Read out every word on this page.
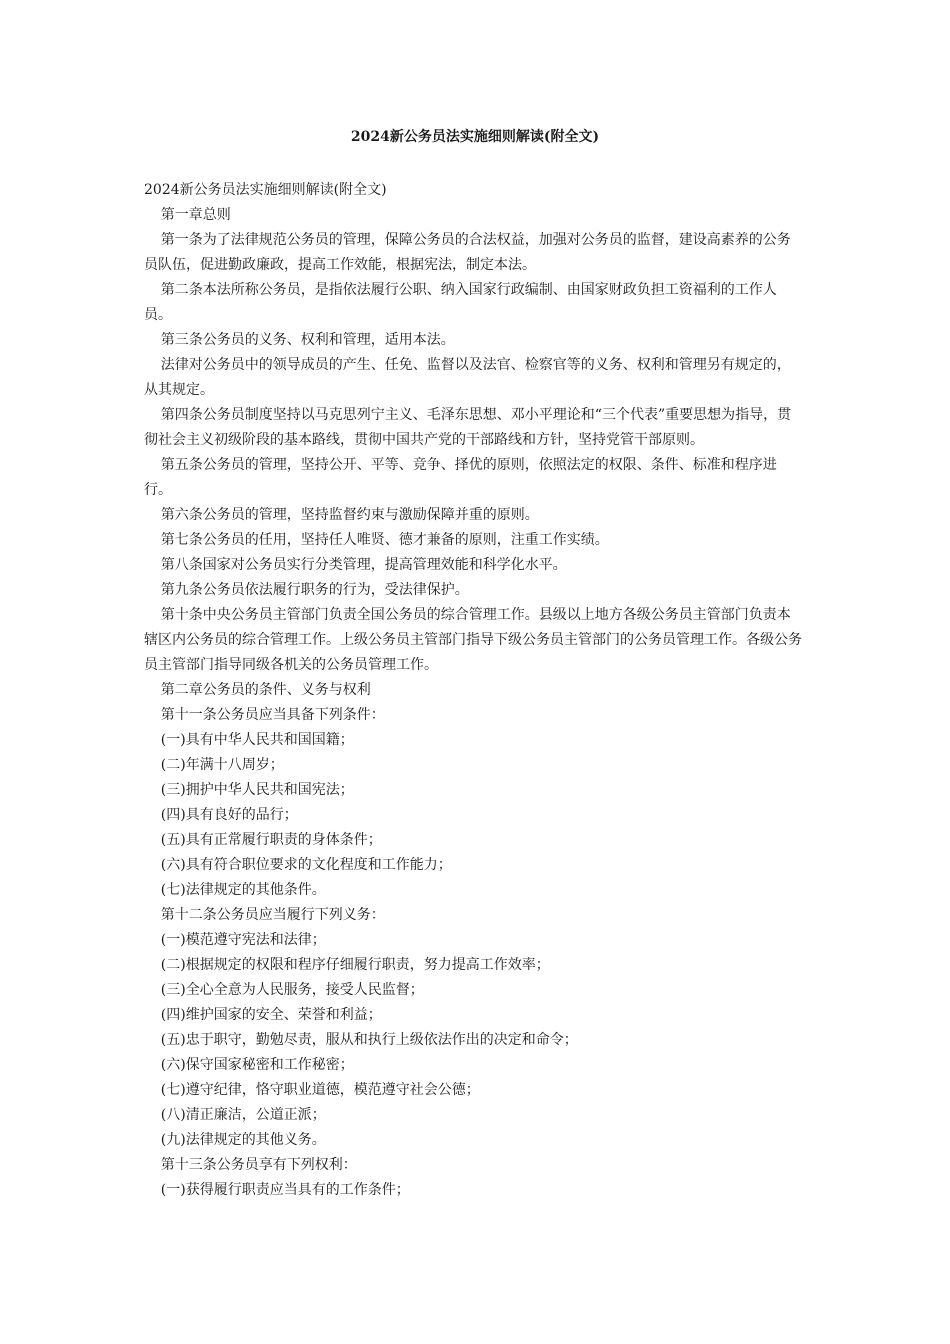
2024新公务员法实施细则解读(附全文)

2024新公务员法实施细则解读(附全文)

第一章总则

第一条为了法律规范公务员的管理，保障公务员的合法权益，加强对公务员的监督，建设高素养的公务员队伍，促进勤政廉政，提高工作效能，根据宪法，制定本法。

第二条本法所称公务员，是指依法履行公职、纳入国家行政编制、由国家财政负担工资福利的工作人员。

第三条公务员的义务、权利和管理，适用本法。

法律对公务员中的领导成员的产生、任免、监督以及法官、检察官等的义务、权利和管理另有规定的，从其规定。

第四条公务员制度坚持以马克思列宁主义、毛泽东思想、邓小平理论和“三个代表”重要思想为指导，贯彻社会主义初级阶段的基本路线，贯彻中国共产党的干部路线和方针，坚持党管干部原则。

第五条公务员的管理，坚持公开、平等、竞争、择优的原则，依照法定的权限、条件、标准和程序进行。

第六条公务员的管理，坚持监督约束与激励保障并重的原则。

第七条公务员的任用，坚持任人唯贤、德才兼备的原则，注重工作实绩。

第八条国家对公务员实行分类管理，提高管理效能和科学化水平。

第九条公务员依法履行职务的行为，受法律保护。

第十条中央公务员主管部门负责全国公务员的综合管理工作。县级以上地方各级公务员主管部门负责本辖区内公务员的综合管理工作。上级公务员主管部门指导下级公务员主管部门的公务员管理工作。各级公务员主管部门指导同级各机关的公务员管理工作。

第二章公务员的条件、义务与权利

第十一条公务员应当具备下列条件：

(一)具有中华人民共和国国籍；

(二)年满十八周岁；

(三)拥护中华人民共和国宪法；

(四)具有良好的品行；

(五)具有正常履行职责的身体条件；

(六)具有符合职位要求的文化程度和工作能力；

(七)法律规定的其他条件。

第十二条公务员应当履行下列义务：

(一)模范遵守宪法和法律；

(二)根据规定的权限和程序仔细履行职责，努力提高工作效率；

(三)全心全意为人民服务，接受人民监督；

(四)维护国家的安全、荣誉和利益；

(五)忠于职守，勤勉尽责，服从和执行上级依法作出的决定和命令；

(六)保守国家秘密和工作秘密；

(七)遵守纪律，恪守职业道德，模范遵守社会公德；

(八)清正廉洁，公道正派；

(九)法律规定的其他义务。

第十三条公务员享有下列权利：

(一)获得履行职责应当具有的工作条件；
